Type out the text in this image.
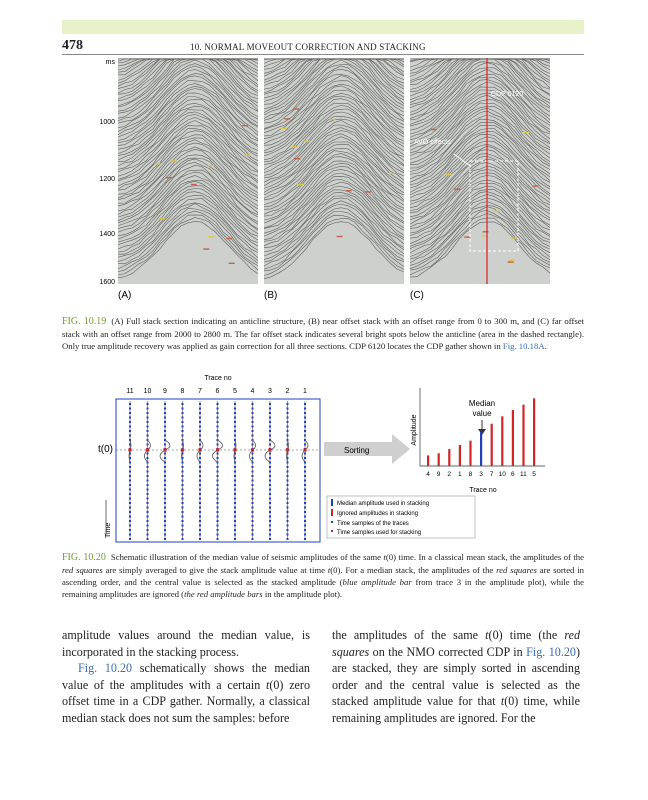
478	10. NORMAL MOVEOUT CORRECTION AND STACKING
ms
1000
1200
1400
1600
CDP 6120
AVO effects
(A)	(B)	(C)
FIG. 10.19 (A) Full stack section indicating an anticline structure, (B) near offset stack with an offset range from 0 to 300 m, and (C) far offset stack with an offset range from 2000 to 2800 m. The far offset stack indicates several bright spots below the anticline (area in the dashed rectangle). Only true amplitude recovery was applied as gain correction for all three sections. CDP 6120 locates the CDP gather shown in Fig. 10.18A.
Trace no
11 10 9 8 7 6 5 4 3 2 1
t(0)
Time
Sorting
Amplitude
Median
value
4 9 2 1 8 3 7 10 6 11 5
Trace no
Median amplitude used in stacking
Ignored amplitudes in stacking
Time samples of the traces
Time samples used for stacking
FIG. 10.20 Schematic illustration of the median value of seismic amplitudes of the same t(0) time. In a classical mean stack, the amplitudes of the red squares are simply averaged to give the stack amplitude value at time t(0). For a median stack, the amplitudes of the red squares are sorted in ascending order, and the central value is selected as the stacked amplitude (blue amplitude bar from trace 3 in the amplitude plot), while the remaining amplitudes are ignored (the red amplitude bars in the amplitude plot).
amplitude values around the median value, is incorporated in the stacking process.
Fig. 10.20 schematically shows the median value of the amplitudes with a certain t(0) zero offset time in a CDP gather. Normally, a classical median stack does not sum the samples: before
the amplitudes of the same t(0) time (the red squares on the NMO corrected CDP in Fig. 10.20) are stacked, they are simply sorted in ascending order and the central value is selected as the stacked amplitude value for that t(0) time, while remaining amplitudes are ignored. For the
